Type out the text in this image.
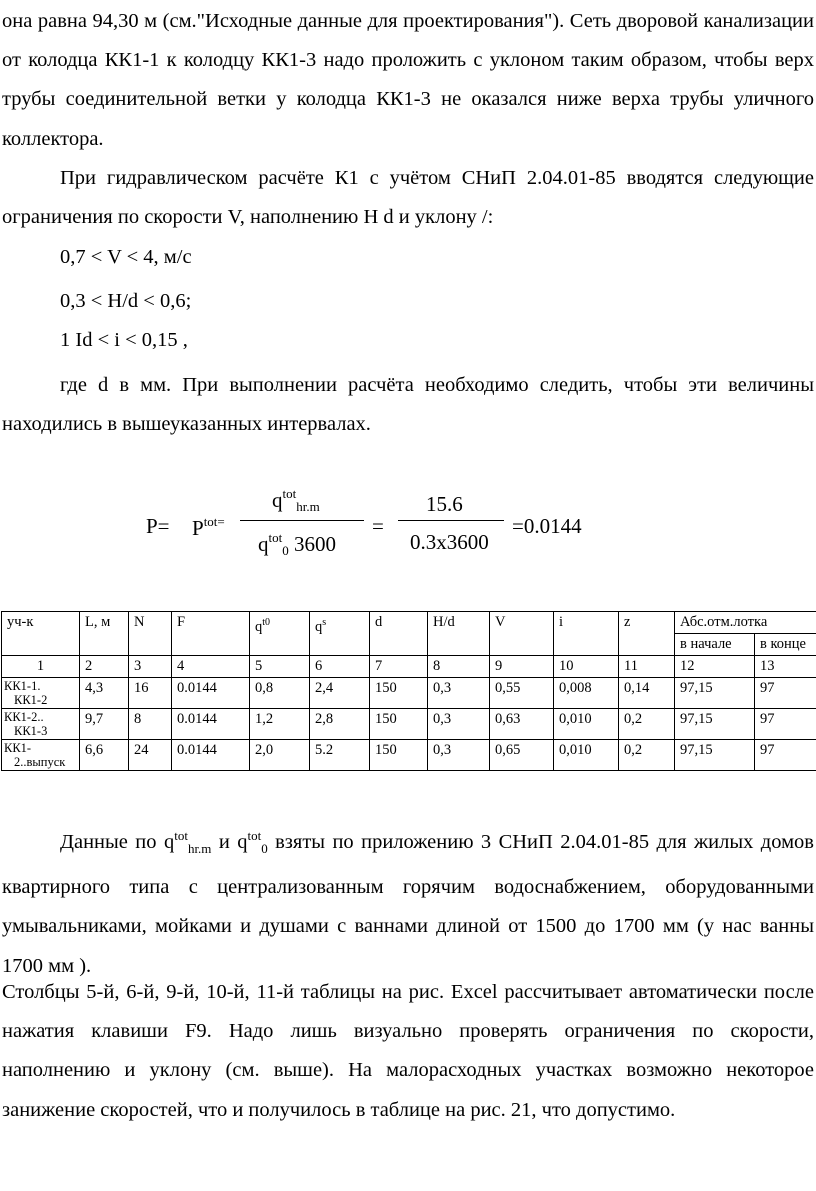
она равна 94,30 м (см."Исходные данные для проектирования"). Сеть дворовой канализации от колодца КК1-1 к колодцу КК1-3 надо проложить с уклоном таким образом, чтобы верх трубы соединительной ветки у колодца КК1-3 не оказался ниже верха трубы уличного коллектора.

При гидравлическом расчёте К1 с учётом СНиП 2.04.01-85 вводятся следующие ограничения по скорости V, наполнению H d и уклону /:

0,7 < V < 4, м/с

0,3 < H/d < 0,6;

1 Id < i < 0,15 ,

где d в мм. При выполнении расчёта необходимо следить, чтобы эти величины находились в вышеуказанных интервалах.

$P= P^{tot=}$
$q^{tot}_{hr.m}$
$q^{tot}_0$ 3600
=
15.6
0.3x3600
=0.0144
уч-к	L, м	N	F	$q^{t0}$	$q^s$	d	H/d	V	i	z	Абс.отм.лотка	
											в начале	в конце
1	2	3	4	5	6	7	8	9	10	11	12	13
КК1-1.
КК1-2	4,3	16	0.0144	0,8	2,4	150	0,3	0,55	0,008	0,14	97,15	97
КК1-2..
КК1-3	9,7	8	0.0144	1,2	2,8	150	0,3	0,63	0,010	0,2	97,15	97
КК1-
2..выпуск	6,6	24	0.0144	2,0	5.2	150	0,3	0,65	0,010	0,2	97,15	97

Данные по $q^{tot}_{hr.m}$ и $q^{tot}_0$ взяты по приложению 3 СНиП 2.04.01-85 для жилых домов квартирного типа с централизованным горячим водоснабжением, оборудованными умывальниками, мойками и душами с ваннами длиной от 1500 до 1700 мм (у нас ванны 1700 мм ).

Столбцы 5-й, 6-й, 9-й, 10-й, 11-й таблицы на рис. Excel рассчитывает автоматически после нажатия клавиши F9. Надо лишь визуально проверять ограничения по скорости, наполнению и уклону (см. выше). На малорасходных участках возможно некоторое занижение скоростей, что и получилось в таблице на рис. 21, что допустимо.
